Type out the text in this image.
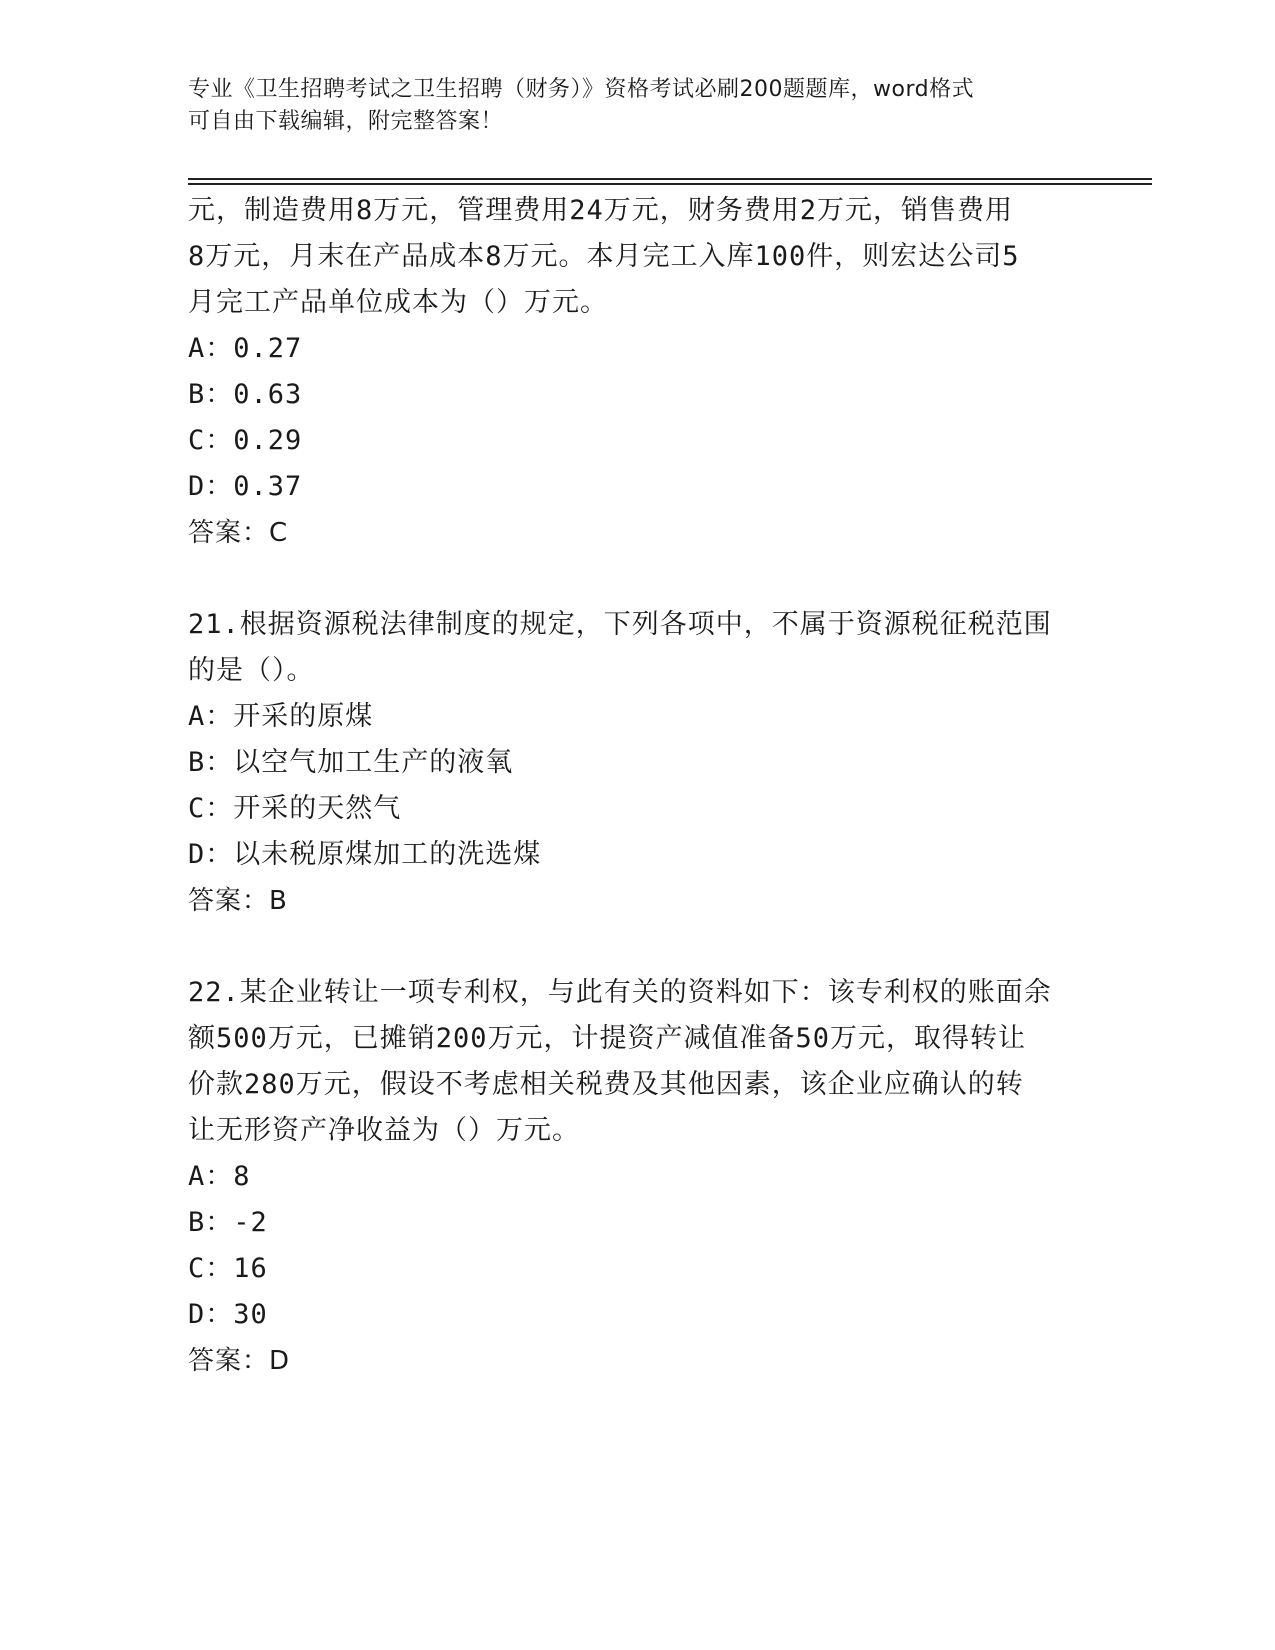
专业《卫生招聘考试之卫生招聘（财务）》资格考试必刷200题题库，word格式
可自由下载编辑，附完整答案！
元，制造费用8万元，管理费用24万元，财务费用2万元，销售费用
8万元，月末在产品成本8万元。本月完工入库100件，则宏达公司5
月完工产品单位成本为（）万元。
A：0.27
B：0.63
C：0.29
D：0.37
答案：C
21.根据资源税法律制度的规定，下列各项中，不属于资源税征税范围
的是（）。
A：开采的原煤
B：以空气加工生产的液氧
C：开采的天然气
D：以未税原煤加工的洗选煤
答案：B
22.某企业转让一项专利权，与此有关的资料如下：该专利权的账面余
额500万元，已摊销200万元，计提资产减值准备50万元，取得转让
价款280万元，假设不考虑相关税费及其他因素，该企业应确认的转
让无形资产净收益为（）万元。
A：8
B：-2
C：16
D：30
答案：D
